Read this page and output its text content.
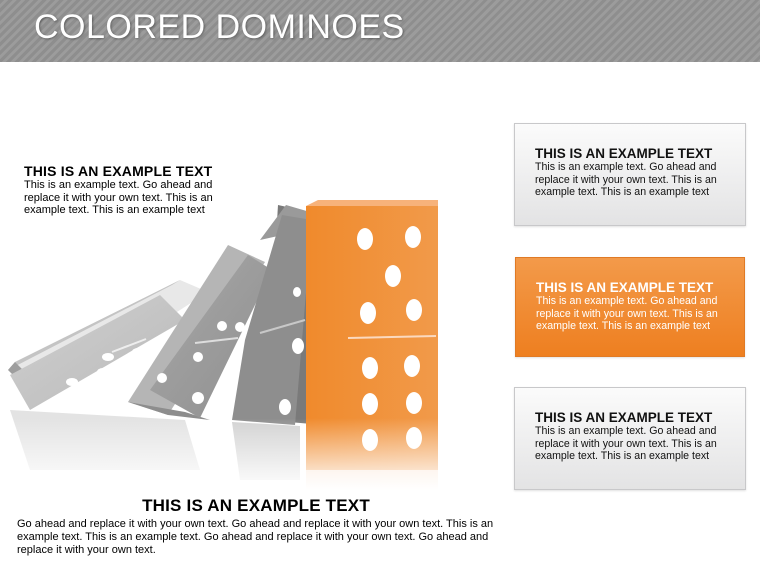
COLORED DOMINOES
THIS IS AN EXAMPLE TEXT
This is an example text. Go ahead and replace it with your own text. This is an example text. This is an example text
THIS IS AN EXAMPLE TEXT
This is an example text. Go ahead and replace it with your own text. This is an example text. This is an example text
THIS IS AN EXAMPLE TEXT
This is an example text. Go ahead and replace it with your own text. This is an example text. This is an example text
THIS IS AN EXAMPLE TEXT
This is an example text. Go ahead and replace it with your own text. This is an example text. This is an example text
THIS IS AN EXAMPLE TEXT
Go ahead and replace it with your own text. Go ahead and replace it with your own text. This is an example text. This is an example text. Go ahead and replace it with your own text. Go ahead and replace it with your own text.
